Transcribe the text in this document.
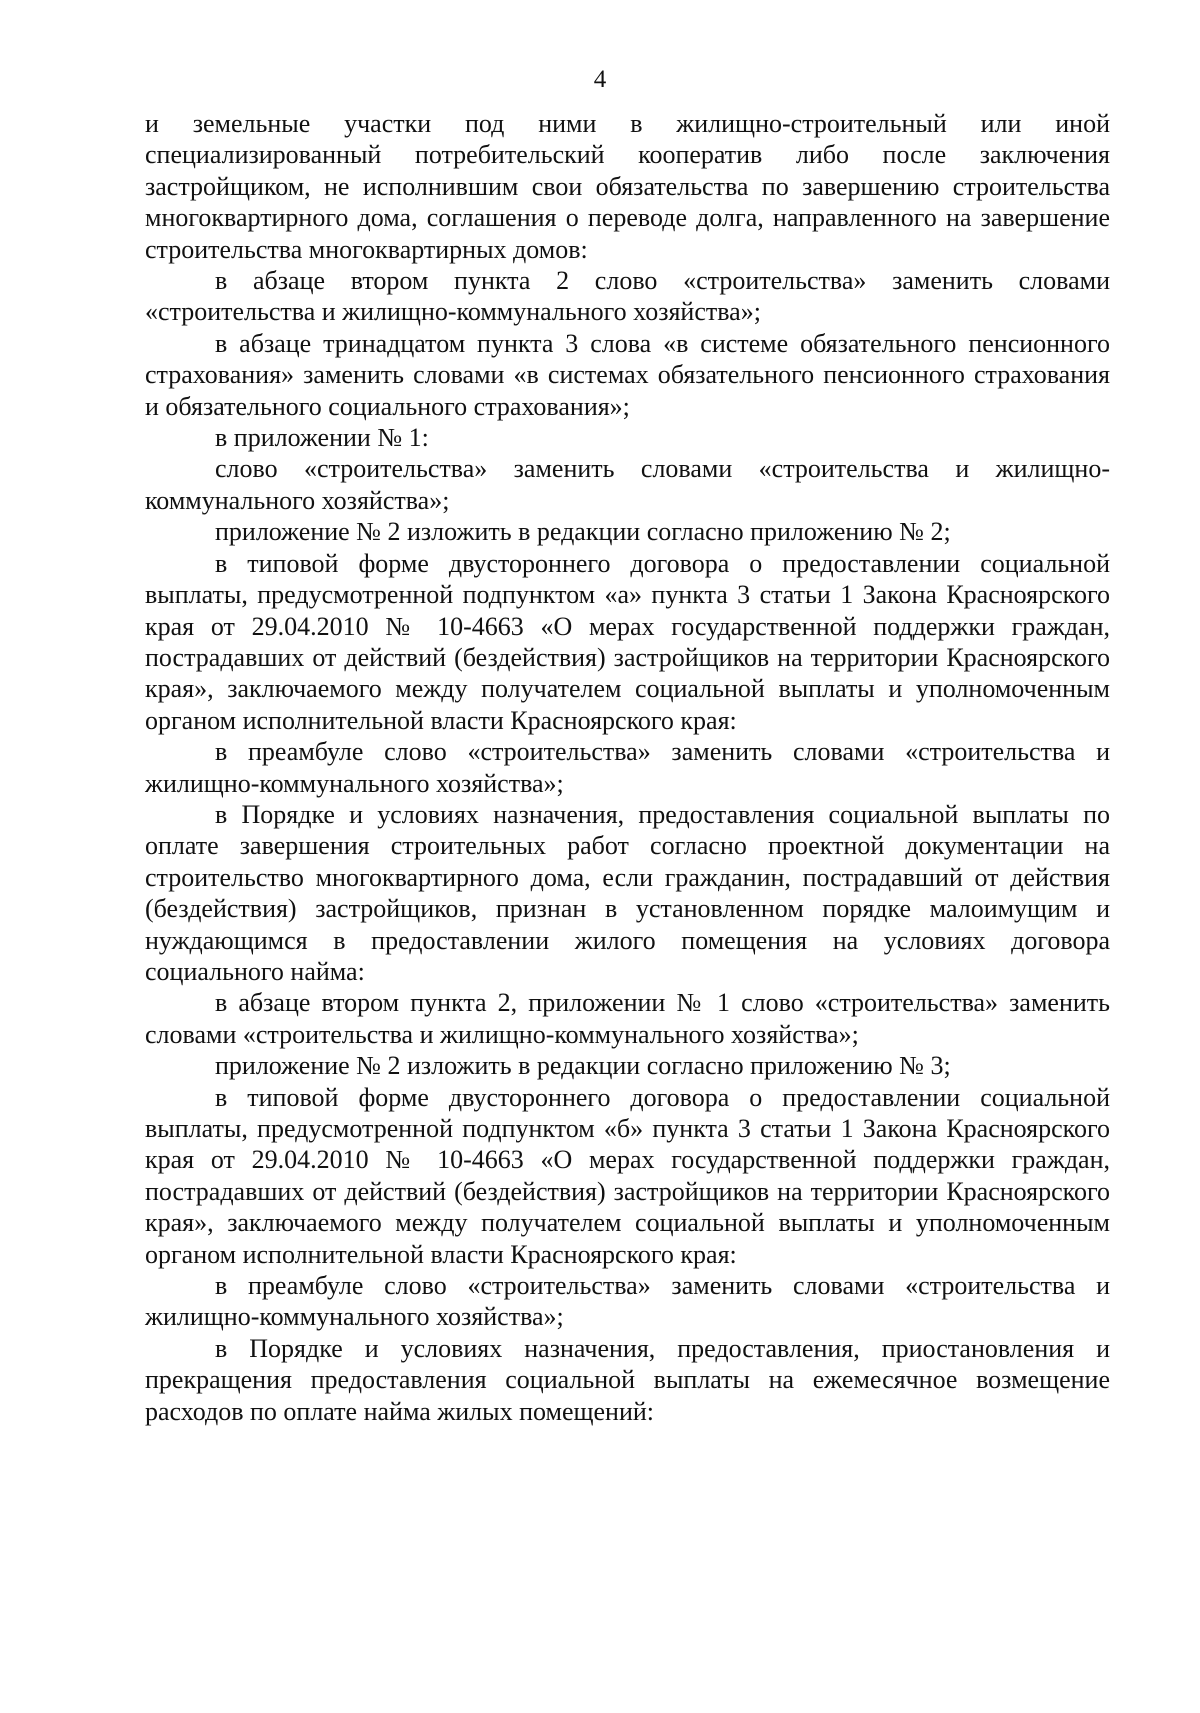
4

и земельные участки под ними в жилищно-строительный или иной специализированный потребительский кооператив либо после заключения застройщиком, не исполнившим свои обязательства по завершению строительства многоквартирного дома, соглашения о переводе долга, направленного на завершение строительства многоквартирных домов:

в абзаце втором пункта 2 слово «строительства» заменить словами «строительства и жилищно-коммунального хозяйства»;

в абзаце тринадцатом пункта 3 слова «в системе обязательного пенсионного страхования» заменить словами «в системах обязательного пенсионного страхования и обязательного социального страхования»;

в приложении № 1:

слово «строительства» заменить словами «строительства и жилищно-коммунального хозяйства»;

приложение № 2 изложить в редакции согласно приложению № 2;

в типовой форме двустороннего договора о предоставлении социальной выплаты, предусмотренной подпунктом «а» пункта 3 статьи 1 Закона Красноярского края от 29.04.2010 № 10-4663 «О мерах государственной поддержки граждан, пострадавших от действий (бездействия) застройщиков на территории Красноярского края», заключаемого между получателем социальной выплаты и уполномоченным органом исполнительной власти Красноярского края:

в преамбуле слово «строительства» заменить словами «строительства и жилищно-коммунального хозяйства»;

в Порядке и условиях назначения, предоставления социальной выплаты по оплате завершения строительных работ согласно проектной документации на строительство многоквартирного дома, если гражданин, пострадавший от действия (бездействия) застройщиков, признан в установленном порядке малоимущим и нуждающимся в предоставлении жилого помещения на условиях договора социального найма:

в абзаце втором пункта 2, приложении № 1 слово «строительства» заменить словами «строительства и жилищно-коммунального хозяйства»;

приложение № 2 изложить в редакции согласно приложению № 3;

в типовой форме двустороннего договора о предоставлении социальной выплаты, предусмотренной подпунктом «б» пункта 3 статьи 1 Закона Красноярского края от 29.04.2010 № 10-4663 «О мерах государственной поддержки граждан, пострадавших от действий (бездействия) застройщиков на территории Красноярского края», заключаемого между получателем социальной выплаты и уполномоченным органом исполнительной власти Красноярского края:

в преамбуле слово «строительства» заменить словами «строительства и жилищно-коммунального хозяйства»;

в Порядке и условиях назначения, предоставления, приостановления и прекращения предоставления социальной выплаты на ежемесячное возмещение расходов по оплате найма жилых помещений:
